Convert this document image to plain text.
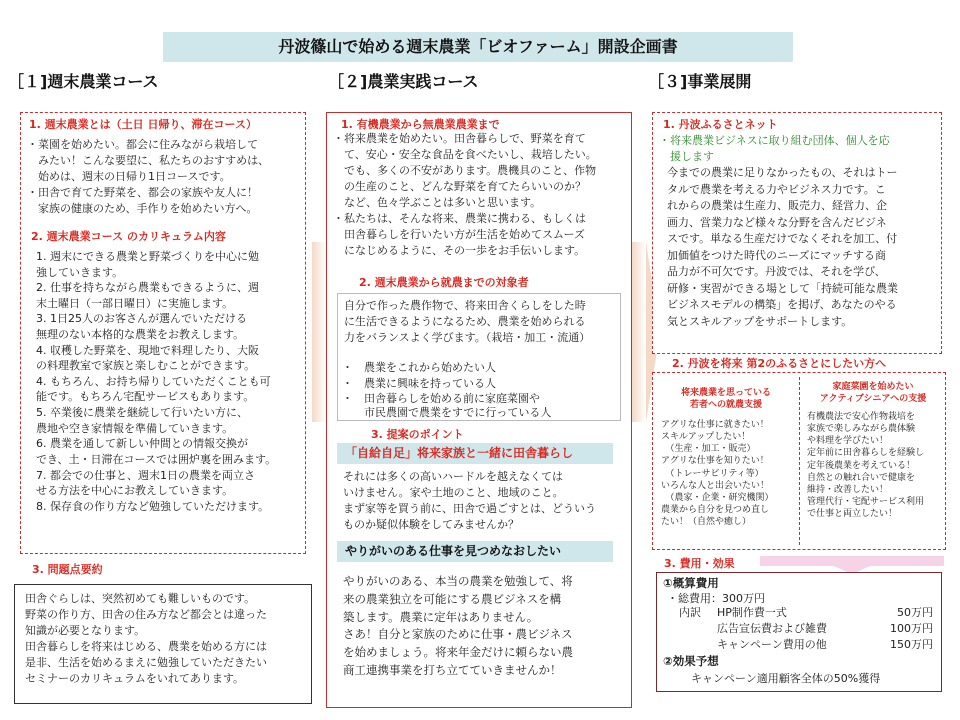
丹波篠山で始める週末農業「ビオファーム」開設企画書
［１]週末農業コース	［２]農業実践コース	［３]事業展開
1. 週末農業とは（土日 日帰り、滞在コース）
・菜園を始めたい。都会に住みながら栽培して
　みたい！こんな要望に、私たちのおすすめは、
　始めは、週末の日帰り1日コースです。
・田舎で育てた野菜を、都会の家族や友人に！
　家族の健康のため、手作りを始めたい方へ。
2. 週末農業コース のカリキュラム内容
　1. 週末にできる農業と野菜づくりを中心に勉
　強していきます。
　2. 仕事を持ちながら農業もできるように、週
　末土曜日（一部日曜日）に実施します。
　3. 1日25人のお客さんが選んでいただける
　無理のない本格的な農業をお教えします。
　4. 収穫した野菜を、現地で料理したり、大阪
　の料理教室で家族と楽しむことができます。
　4. もちろん、お持ち帰りしていただくことも可
　能です。もちろん宅配サービスもあります。
　5. 卒業後に農業を継続して行いたい方に、
　農地や空き家情報を準備していきます。
　6. 農業を通して新しい仲間との情報交換が
　でき、土・日滞在コースでは囲炉裏を囲みます。
　7. 都会での仕事と、週末1日の農業を両立さ
　せる方法を中心にお教えしていきます。
　8. 保存食の作り方など勉強していただけます。
3. 問題点要約
田舎ぐらしは、突然初めても難しいものです。
野菜の作り方、田舎の住み方など都会とは違った
知識が必要となります。
田舎暮らしを将来はじめる、農業を始める方には
是非、生活を始めるまえに勉強していただきたい
セミナーのカリキュラムをいれてあります。
1. 有機農業から無農業農業まで
・将来農業を始めたい。田舎暮らしで、野菜を育て
　て、安心・安全な食品を食べたいし、栽培したい。
　でも、多くの不安があります。農機具のこと、作物
　の生産のこと、どんな野菜を育てたらいいのか？
　など、色々学ぶことは多いと思います。
・私たちは、そんな将来、農業に携わる、もしくは
　田舎暮らしを行いたい方が生活を始めてスムーズ
　になじめるように、その一歩をお手伝いします。
2. 週末農業から就農までの対象者
自分で作った農作物で、将来田舎くらしをした時
に生活できるようになるため、農業を始められる
力をバランスよく学びます。（栽培・加工・流通）
・　農業をこれから始めたい人
・　農業に興味を持っている人
・　田舎暮らしを始める前に家庭菜園や
　　市民農園で農業をすでに行っている人
3. 提案のポイント
「自給自足」将来家族と一緒に田舎暮らし
それには多くの高いハードルを越えなくては
いけません。家や土地のこと、地域のこと。
まず家等を買う前に、田舎で過ごすとは、どういう
ものか疑似体験をしてみませんか？
やりがいのある仕事を見つめなおしたい
やりがいのある、本当の農業を勉強して、将
来の農業独立を可能にする農ビジネスを構
築します。農業に定年はありません。
さあ！自分と家族のために仕事・農ビジネス
を始めましょう。将来年金だけに頼らない農
商工連携事業を打ち立てていきませんか！
1. 丹波ふるさとネット
・将来農業ビジネスに取り組む団体、個人を応
　援します
今までの農業に足りなかったもの、それはトー
タルで農業を考える力やビジネス力です。こ
れからの農業は生産力、販売力、経営力、企
画力、営業力など様々な分野を含んだビジネ
スです。単なる生産だけでなくそれを加工、付
加価値をつけた時代のニーズにマッチする商
品力が不可欠です。丹波では、それを学び、
研修・実習ができる場として「持続可能な農業
ビジネスモデルの構築」を掲げ、あなたのやる
気とスキルアップをサポートします。
2. 丹波を将来 第2のふるさとにしたい方へ
将来農業を思っている
若者への就農支援
アグリな仕事に就きたい！
スキルアップしたい！
　（生産・加工・販売）
アグリな仕事を知りたい！
　（トレーサビリティ等）
いろんな人と出会いたい！
　（農家・企業・研究機関）
農業から自分を見つめ直し
たい！（自然や癒し）
家庭菜園を始めたい
アクティブシニアへの支援
有機農法で安心作物栽培を
家族で楽しみながら農体験
や料理を学びたい！
定年前に田舎暮らしを経験し
定年後農業を考えている！
自然との触れ合いで健康を
維持・改善したい！
管理代行・宅配サービス利用
で仕事と両立したい！
3. 費用・効果
①概算費用
・総費用：300万円
内訳 HP制作費一式	50万円
広告宣伝費および雑費	100万円
キャンペーン費用の他	150万円
②効果予想
キャンペーン適用顧客全体の50%獲得
